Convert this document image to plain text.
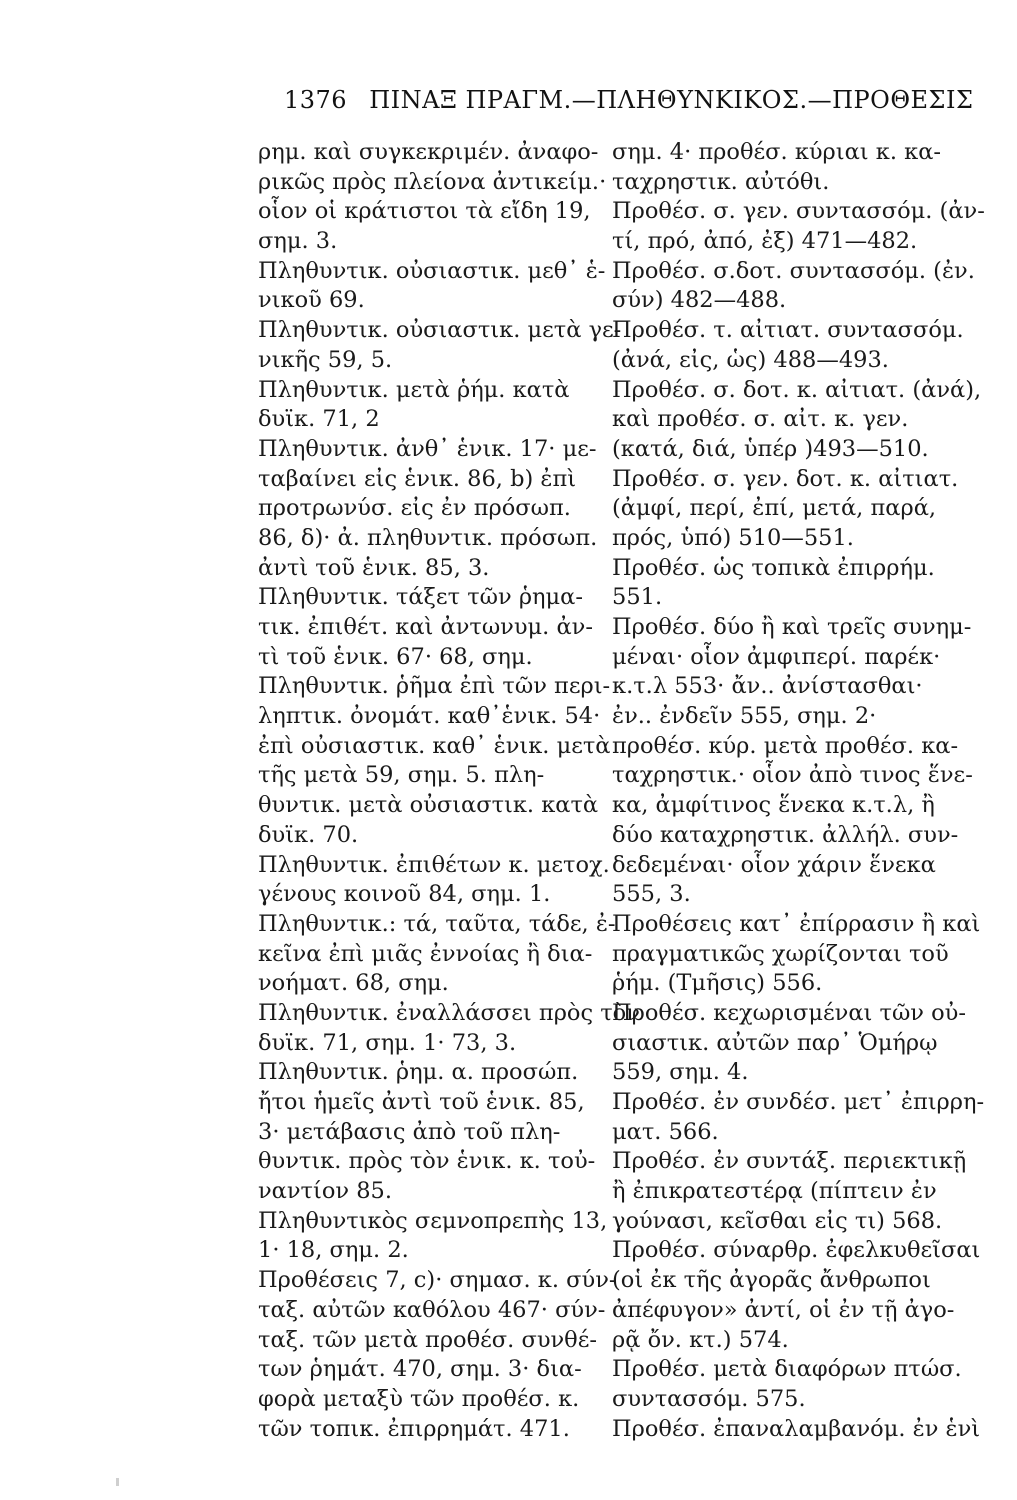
1376 ΠΙΝΑΞ ΠΡΑΓΜ.—ΠΛΗΘΥΝΚΙΚΟΣ.—ΠΡΟΘΕΣΙΣ
ρημ. καὶ συγκεκριμέν. ἀναφο-
ρικῶς πρὸς πλείονα ἀντικείμ.·
οἷον οἱ κράτιστοι τὰ εἴδη 19,
σημ. 3.
Πληθυντικ. οὐσιαστικ. μεθ᾽ ἑ-
νικοῦ 69.
Πληθυντικ. οὐσιαστικ. μετὰ γε-
νικῆς 59, 5.
Πληθυντικ. μετὰ ῥήμ. κατὰ
δυϊκ. 71, 2
Πληθυντικ. ἀνθ᾽ ἑνικ. 17· με-
ταβαίνει εἰς ἑνικ. 86, b) ἐπὶ
προτρωνύσ. εἰς ἐν πρόσωπ.
86, δ)· ἀ. πληθυντικ. πρόσωπ.
ἀντὶ τοῦ ἑνικ. 85, 3.
Πληθυντικ. τάξετ τῶν ῥημα-
τικ. ἐπιθέτ. καὶ ἀντωνυμ. ἀν-
τὶ τοῦ ἑνικ. 67· 68, σημ.
Πληθυντικ. ῥῆμα ἐπὶ τῶν περι-
ληπτικ. ὀνομάτ. καθ᾽ἑνικ. 54·
ἐπὶ οὐσιαστικ. καθ᾽ ἑνικ. μετὰ
τῆς μετὰ 59, σημ. 5. πλη-
θυντικ. μετὰ οὐσιαστικ. κατὰ
δυϊκ. 70.
Πληθυντικ. ἐπιθέτων κ. μετοχ.
γένους κοινοῦ 84, σημ. 1.
Πληθυντικ.: τά, ταῦτα, τάδε, ἐ-
κεῖνα ἐπὶ μιᾶς ἐννοίας ἢ δια-
νοήματ. 68, σημ.
Πληθυντικ. ἐναλλάσσει πρὸς τὸν
δυϊκ. 71, σημ. 1· 73, 3.
Πληθυντικ. ῥημ. α. προσώπ.
ἤτοι ἡμεῖς ἀντὶ τοῦ ἑνικ. 85,
3· μετάβασις ἀπὸ τοῦ πλη-
θυντικ. πρὸς τὸν ἑνικ. κ. τοὐ-
ναντίον 85.
Πληθυντικὸς σεμνοπρεπὴς 13,
1· 18, σημ. 2.
Προθέσεις 7, c)· σημασ. κ. σύν-
ταξ. αὐτῶν καθόλου 467· σύν-
ταξ. τῶν μετὰ προθέσ. συνθέ-
των ῥημάτ. 470, σημ. 3· δια-
φορὰ μεταξὺ τῶν προθέσ. κ.
τῶν τοπικ. ἐπιρρημάτ. 471.
σημ. 4· προθέσ. κύριαι κ. κα-
ταχρηστικ. αὐτόθι.
Προθέσ. σ. γεν. συντασσόμ. (ἀν-
τί, πρό, ἀπό, ἐξ) 471—482.
Προθέσ. σ.δοτ. συντασσόμ. (ἐν.
σύν) 482—488.
Προθέσ. τ. αἰτιατ. συντασσόμ.
(ἀνά, εἰς, ὡς) 488—493.
Προθέσ. σ. δοτ. κ. αἰτιατ. (ἀνά),
καὶ προθέσ. σ. αἰτ. κ. γεν.
(κατά, διά, ὑπέρ )493—510.
Προθέσ. σ. γεν. δοτ. κ. αἰτιατ.
(ἀμφί, περί, ἐπί, μετά, παρά,
πρός, ὑπό) 510—551.
Προθέσ. ὡς τοπικὰ ἐπιρρήμ.
551.
Προθέσ. δύο ἢ καὶ τρεῖς συνημ-
μέναι· οἷον ἀμφιπερί. παρέκ·
κ.τ.λ 553· ἄν.. ἀνίστασθαι·
ἐν.. ἐνδεῖν 555, σημ. 2·
προθέσ. κύρ. μετὰ προθέσ. κα-
ταχρηστικ.· οἷον ἀπὸ τινος ἕνε-
κα, ἀμφίτινος ἕνεκα κ.τ.λ, ἢ
δύο καταχρηστικ. ἀλλήλ. συν-
δεδεμέναι· οἷον χάριν ἕνεκα
555, 3.
Προθέσεις κατ᾽ ἐπίρρασιν ἢ καὶ
πραγματικῶς χωρίζονται τοῦ
ῥήμ. (Τμῆσις) 556.
Προθέσ. κεχωρισμέναι τῶν οὐ-
σιαστικ. αὐτῶν παρ᾽ Ὁμήρῳ
559, σημ. 4.
Προθέσ. ἐν συνδέσ. μετ᾽ ἐπιρρη-
ματ. 566.
Προθέσ. ἐν συντάξ. περιεκτικῇ
ἢ ἐπικρατεστέρᾳ (πίπτειν ἐν
γούνασι, κεῖσθαι εἰς τι) 568.
Προθέσ. σύναρθρ. ἐφελκυθεῖσαι
(οἱ ἐκ τῆς ἀγορᾶς ἄνθρωποι
ἀπέφυγον» ἀντί, οἱ ἐν τῇ ἀγο-
ρᾷ ὄν. κτ.) 574.
Προθέσ. μετὰ διαφόρων πτώσ.
συντασσόμ. 575.
Προθέσ. ἐπαναλαμβανόμ. ἐν ἑνὶ
